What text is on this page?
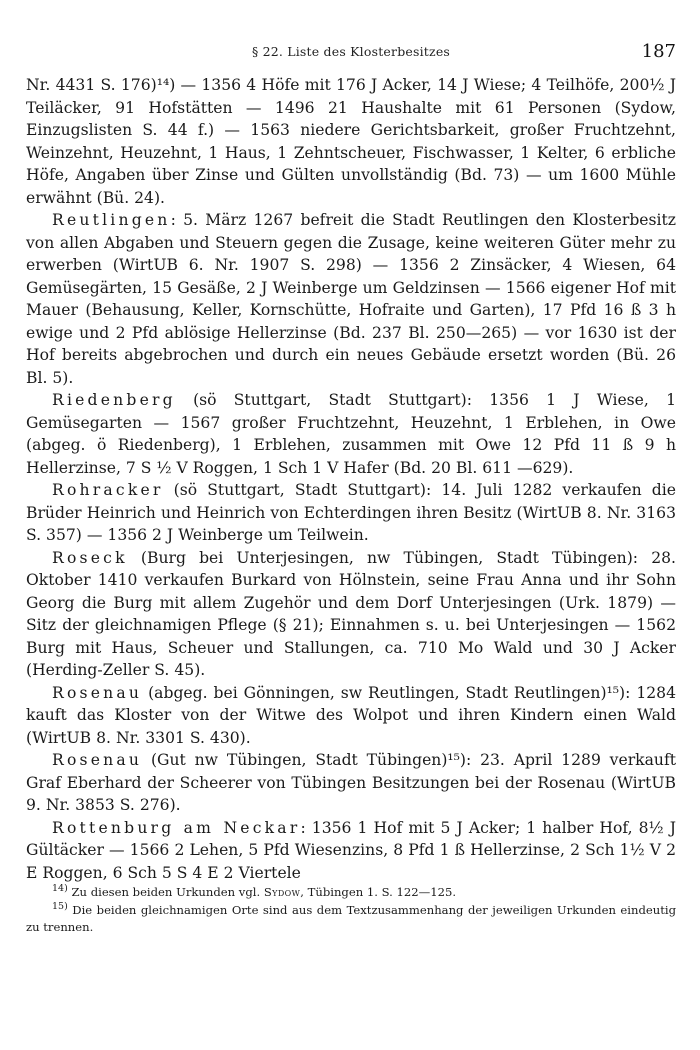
§ 22. Liste des Klosterbesitzes	187

Nr. 4431 S. 176)¹⁴) — 1356 4 Höfe mit 176 J Acker, 14 J Wiese; 4 Teilhöfe, 200½ J Teiläcker, 91 Hofstätten — 1496 21 Haushalte mit 61 Personen (Sydow, Einzugslisten S. 44 f.) — 1563 niedere Gerichtsbarkeit, großer Fruchtzehnt, Weinzehnt, Heuzehnt, 1 Haus, 1 Zehntscheuer, Fischwasser, 1 Kelter, 6 erbliche Höfe, Angaben über Zinse und Gülten unvollständig (Bd. 73) — um 1600 Mühle erwähnt (Bü. 24).

Reutlingen: 5. März 1267 befreit die Stadt Reutlingen den Klosterbesitz von allen Abgaben und Steuern gegen die Zusage, keine weiteren Güter mehr zu erwerben (WirtUB 6. Nr. 1907 S. 298) — 1356 2 Zinsäcker, 4 Wiesen, 64 Gemüsegärten, 15 Gesäße, 2 J Weinberge um Geldzinsen — 1566 eigener Hof mit Mauer (Behausung, Keller, Kornschütte, Hofraite und Garten), 17 Pfd 16 ß 3 h ewige und 2 Pfd ablösige Hellerzinse (Bd. 237 Bl. 250—265) — vor 1630 ist der Hof bereits abgebrochen und durch ein neues Gebäude ersetzt worden (Bü. 26 Bl. 5).

Riedenberg (sö Stuttgart, Stadt Stuttgart): 1356 1 J Wiese, 1 Gemüsegarten — 1567 großer Fruchtzehnt, Heuzehnt, 1 Erblehen, in Owe (abgeg. ö Riedenberg), 1 Erblehen, zusammen mit Owe 12 Pfd 11 ß 9 h Hellerzinse, 7 S ½ V Roggen, 1 Sch 1 V Hafer (Bd. 20 Bl. 611 —629).

Rohracker (sö Stuttgart, Stadt Stuttgart): 14. Juli 1282 verkaufen die Brüder Heinrich und Heinrich von Echterdingen ihren Besitz (WirtUB 8. Nr. 3163 S. 357) — 1356 2 J Weinberge um Teilwein.

Roseck (Burg bei Unterjesingen, nw Tübingen, Stadt Tübingen): 28. Oktober 1410 verkaufen Burkard von Hölnstein, seine Frau Anna und ihr Sohn Georg die Burg mit allem Zugehör und dem Dorf Unterjesingen (Urk. 1879) — Sitz der gleichnamigen Pflege (§ 21); Einnahmen s. u. bei Unterjesingen — 1562 Burg mit Haus, Scheuer und Stallungen, ca. 710 Mo Wald und 30 J Acker (Herding-Zeller S. 45).

Rosenau (abgeg. bei Gönningen, sw Reutlingen, Stadt Reutlingen)¹⁵): 1284 kauft das Kloster von der Witwe des Wolpot und ihren Kindern einen Wald (WirtUB 8. Nr. 3301 S. 430).

Rosenau (Gut nw Tübingen, Stadt Tübingen)¹⁵): 23. April 1289 verkauft Graf Eberhard der Scheerer von Tübingen Besitzungen bei der Rosenau (WirtUB 9. Nr. 3853 S. 276).

Rottenburg am Neckar: 1356 1 Hof mit 5 J Acker; 1 halber Hof, 8½ J Gültäcker — 1566 2 Lehen, 5 Pfd Wiesenzins, 8 Pfd 1 ß Hellerzinse, 2 Sch 1½ V 2 E Roggen, 6 Sch 5 S 4 E 2 Viertele

$^{14)}$ Zu diesen beiden Urkunden vgl. Sydow, Tübingen 1. S. 122—125.

$^{15)}$ Die beiden gleichnamigen Orte sind aus dem Textzusammenhang der jeweiligen Urkunden eindeutig zu trennen.
